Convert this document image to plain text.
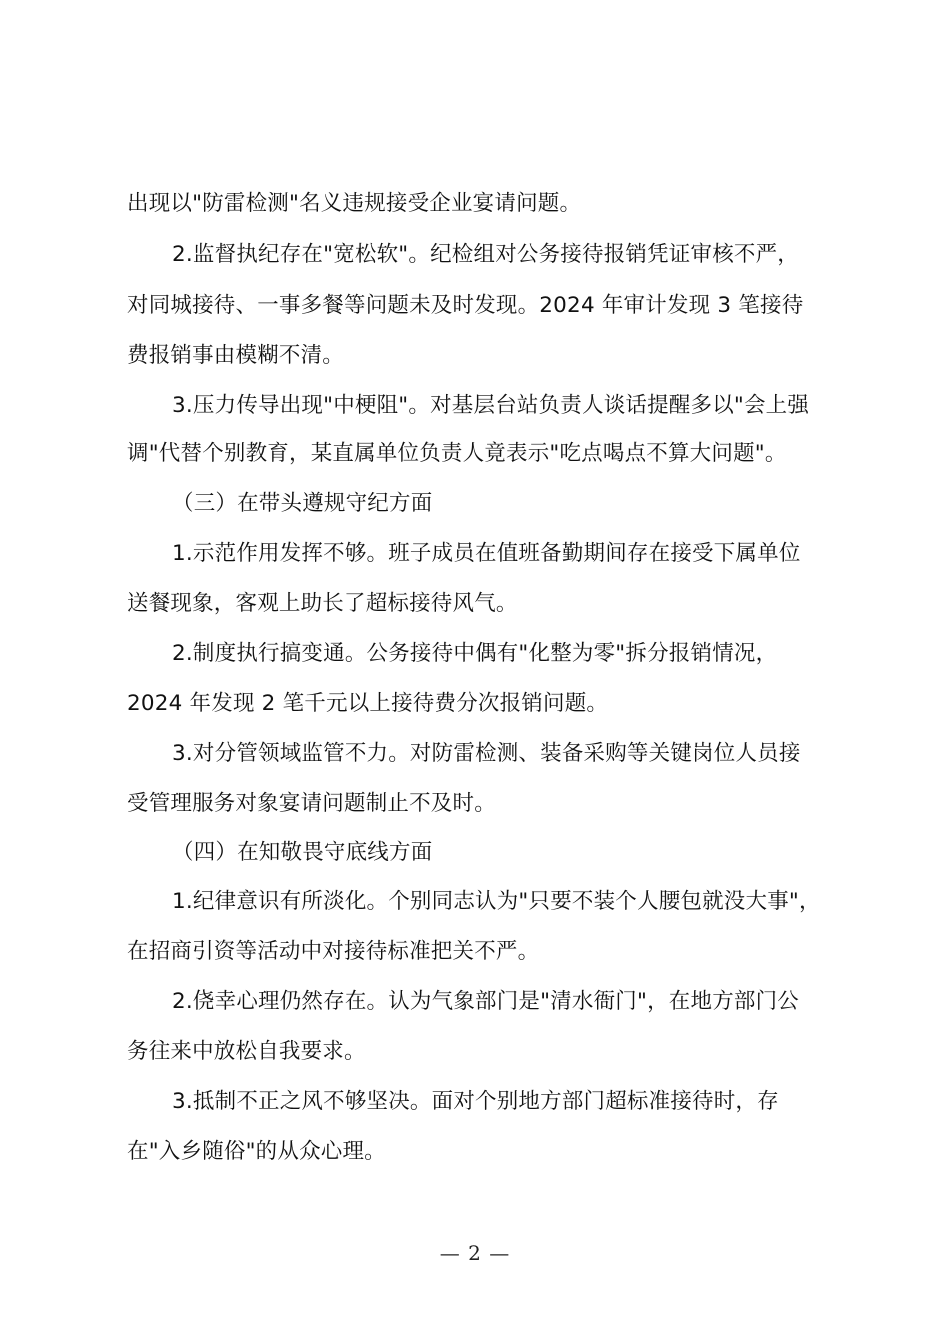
出现以"防雷检测"名义违规接受企业宴请问题。
2.监督执纪存在"宽松软"。纪检组对公务接待报销凭证审核不严，
对同城接待、一事多餐等问题未及时发现。2024 年审计发现 3 笔接待
费报销事由模糊不清。
3.压力传导出现"中梗阻"。对基层台站负责人谈话提醒多以"会上强
调"代替个别教育，某直属单位负责人竟表示"吃点喝点不算大问题"。
（三）在带头遵规守纪方面
1.示范作用发挥不够。班子成员在值班备勤期间存在接受下属单位
送餐现象，客观上助长了超标接待风气。
2.制度执行搞变通。公务接待中偶有"化整为零"拆分报销情况，
2024 年发现 2 笔千元以上接待费分次报销问题。
3.对分管领域监管不力。对防雷检测、装备采购等关键岗位人员接
受管理服务对象宴请问题制止不及时。
（四）在知敬畏守底线方面
1.纪律意识有所淡化。个别同志认为"只要不装个人腰包就没大事"，
在招商引资等活动中对接待标准把关不严。
2.侥幸心理仍然存在。认为气象部门是"清水衙门"，在地方部门公
务往来中放松自我要求。
3.抵制不正之风不够坚决。面对个别地方部门超标准接待时，存
在"入乡随俗"的从众心理。
— 2 —
